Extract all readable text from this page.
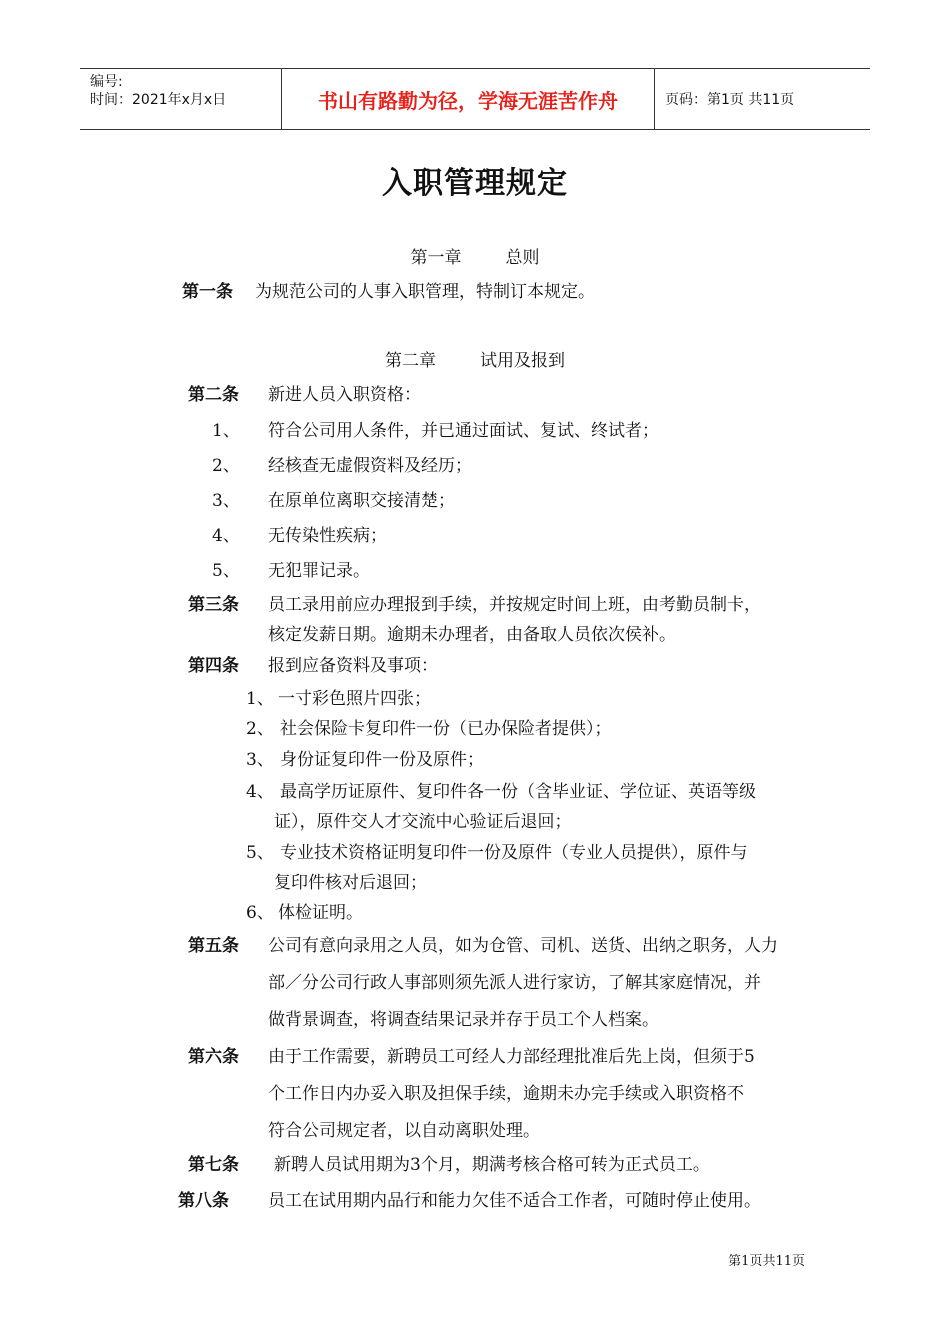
编号:
时间：2021年x月x日	书山有路勤为径，学海无涯苦作舟	页码：第1页 共11页
入职管理规定
第一章	总则
第一条 为规范公司的人事入职管理，特制订本规定。
第二章	试用及报到
第二条 新进人员入职资格：
1、 符合公司用人条件，并已通过面试、复试、终试者；
2、 经核查无虚假资料及经历；
3、 在原单位离职交接清楚；
4、 无传染性疾病；
5、 无犯罪记录。
第三条 员工录用前应办理报到手续，并按规定时间上班，由考勤员制卡，
核定发薪日期。逾期未办理者，由备取人员依次侯补。
第四条 报到应备资料及事项：
1、 一寸彩色照片四张；
2、 社会保险卡复印件一份（已办保险者提供）；
3、 身份证复印件一份及原件；
4、 最高学历证原件、复印件各一份（含毕业证、学位证、英语等级
证），原件交人才交流中心验证后退回；
5、 专业技术资格证明复印件一份及原件（专业人员提供），原件与
复印件核对后退回；
6、 体检证明。
第五条 公司有意向录用之人员，如为仓管、司机、送货、出纳之职务，人力
部／分公司行政人事部则须先派人进行家访，了解其家庭情况，并
做背景调查，将调查结果记录并存于员工个人档案。
第六条 由于工作需要，新聘员工可经人力部经理批准后先上岗，但须于5
个工作日内办妥入职及担保手续，逾期未办完手续或入职资格不
符合公司规定者，以自动离职处理。
第七条 新聘人员试用期为3个月，期满考核合格可转为正式员工。
第八条 员工在试用期内品行和能力欠佳不适合工作者，可随时停止使用。
第1页共11页
